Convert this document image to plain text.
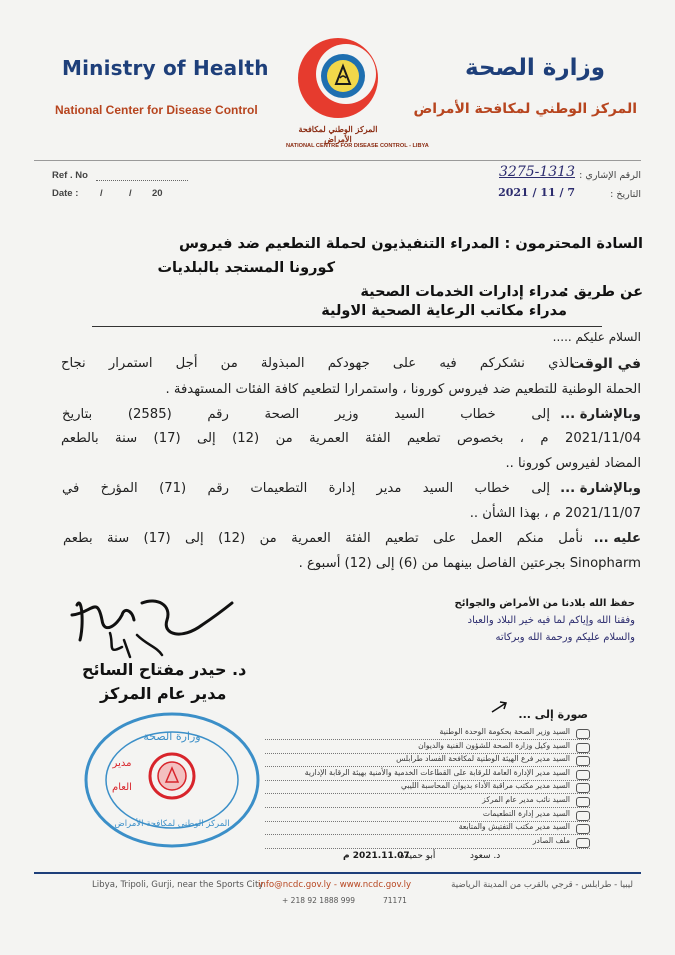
Ministry of Health
National Center for Disease Control
وزارة الصحة
المركز الوطني لمكافحة الأمراض
المركز الوطني لمكافحة الأمراض
NATIONAL CENTRE FOR DISEASE CONTROL - LIBYA
Ref . No
Date : /          / 20
الرقم الإشاري :
3275-1313
التاريخ :
2021 / 11 / 7
السادة المحترمون : المدراء التنفيذيون لحملة التطعيم ضد فيروس
كورونا المستجد بالبلديات
عن طريق :
مدراء إدارات الخدمات الصحية
مدراء مكاتب الرعاية الصحية الاولية
السلام عليكم .....
في الوقت
الذي نشكركم فيه على جهودكم المبذولة من أجل استمرار نجاح
الحملة الوطنية للتطعيم ضد فيروس كورونا ، واستمرارا لتطعيم كافة الفئات المستهدفة .
وبالإشارة ...
إلى خطاب السيد وزير الصحة رقم (2585) بتاريخ
2021/11/04 م ، بخصوص تطعيم الفئة العمرية من (12) إلى (17) سنة بالطعم
المضاد لفيروس كورونا ..
وبالإشارة ...
إلى خطاب السيد مدير إدارة التطعيمات رقم (71) المؤرخ في
2021/11/07 م ، بهذا الشأن ..
عليه ...
نأمل منكم العمل على تطعيم الفئة العمرية من (12) إلى (17) سنة بطعم
Sinopharm بجرعتين الفاصل بينهما من (6) إلى (12) أسبوع .
حفظ الله بلادنا من الأمراض والجوائح
وفقنا الله وإياكم لما فيه خير البلاد والعباد
والسلام عليكم ورحمة الله وبركاته
د. حيدر مفتاح السائح
مدير عام المركز
وزارة الصحة
مدير
العام
المركز الوطني لمكافحة الأمراض
صورة إلى ...
السيد وزير الصحة بحكومة الوحدة الوطنية
السيد وكيل وزارة الصحة للشؤون الفنية والديوان
السيد مدير فرع الهيئة الوطنية لمكافحة الفساد طرابلس
السيد مدير الإدارة العامة للرقابة على القطاعات الخدمية والأمنية بهيئة الرقابة الإدارية
السيد مدير مكتب مراقبة الأداء بديوان المحاسبة الليبي
السيد نائب مدير عام المركز
السيد مدير إدارة التطعيمات
السيد مدير مكتب التفتيش والمتابعة
ملف الصادر
2021.11.07 م
أبو حميدة	د. سعود
Libya, Tripoli, Gurji, near the Sports City
info@ncdc.gov.ly - www.ncdc.gov.ly
+ 218 92 1888 999	71171
ليبيا - طرابلس - قرجي بالقرب من المدينة الرياضية
